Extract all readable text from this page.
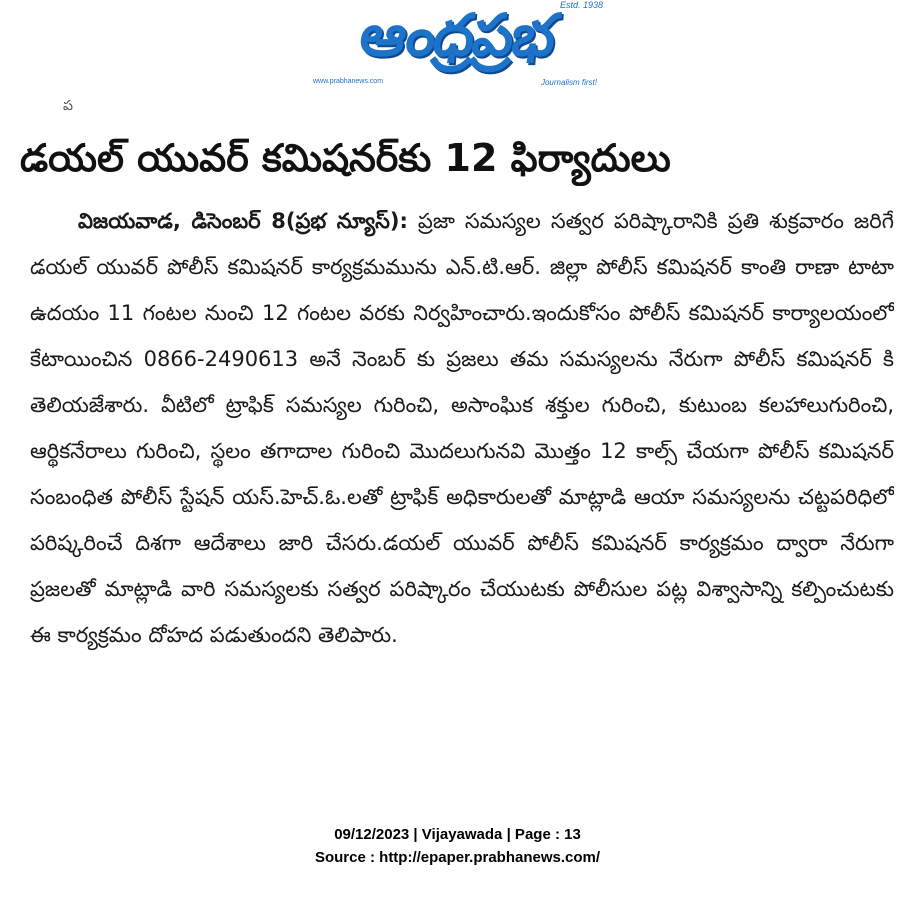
ఆంధ్రప్రభ Estd. 1938
www.prabhanews.com	Journalism first!
ప
డయల్ యువర్ కమిషనర్‌కు 12 ఫిర్యాదులు

విజయవాడ, డిసెంబర్ 8(ప్రభ న్యూస్): ప్రజా సమస్యల సత్వర పరిష్కారానికి ప్రతి శుక్రవారం జరిగే డయల్ యువర్ పోలీస్ కమిషనర్ కార్యక్రమమును ఎన్.టి.ఆర్. జిల్లా పోలీస్ కమిషనర్ కాంతి రాణా టాటా ఉదయం 11 గంటల నుంచి 12 గంటల వరకు నిర్వహించారు.ఇందుకోసం పోలీస్ కమిషనర్ కార్యాలయంలో కేటాయించిన 0866-2490613 అనే నెంబర్ కు ప్రజలు తమ సమస్యలను నేరుగా పోలీస్ కమిషనర్ కి తెలియజేశారు. వీటిలో ట్రాఫిక్ సమస్యల గురించి, అసాంఘిక శక్తుల గురించి, కుటుంబ కలహాలుగురించి, ఆర్థికనేరాలు గురించి, స్థలం తగాదాల గురించి మొదలుగునవి మొత్తం 12 కాల్స్ చేయగా పోలీస్ కమిషనర్ సంబంధిత పోలీస్ స్టేషన్ యస్.హెచ్.ఓ.లతో ట్రాఫిక్ అధికారులతో మాట్లాడి ఆయా సమస్యలను చట్టపరిధిలో పరిష్కరించే దిశగా ఆదేశాలు జారి చేసరు.డయల్ యువర్ పోలీస్ కమిషనర్ కార్యక్రమం ద్వారా నేరుగా ప్రజలతో మాట్లాడి వారి సమస్యలకు సత్వర పరిష్కారం చేయుటకు పోలీసుల పట్ల విశ్వాసాన్ని కల్పించుటకు ఈ కార్యక్రమం దోహద పడుతుందని తెలిపారు.

09/12/2023 | Vijayawada | Page : 13
Source : http://epaper.prabhanews.com/
